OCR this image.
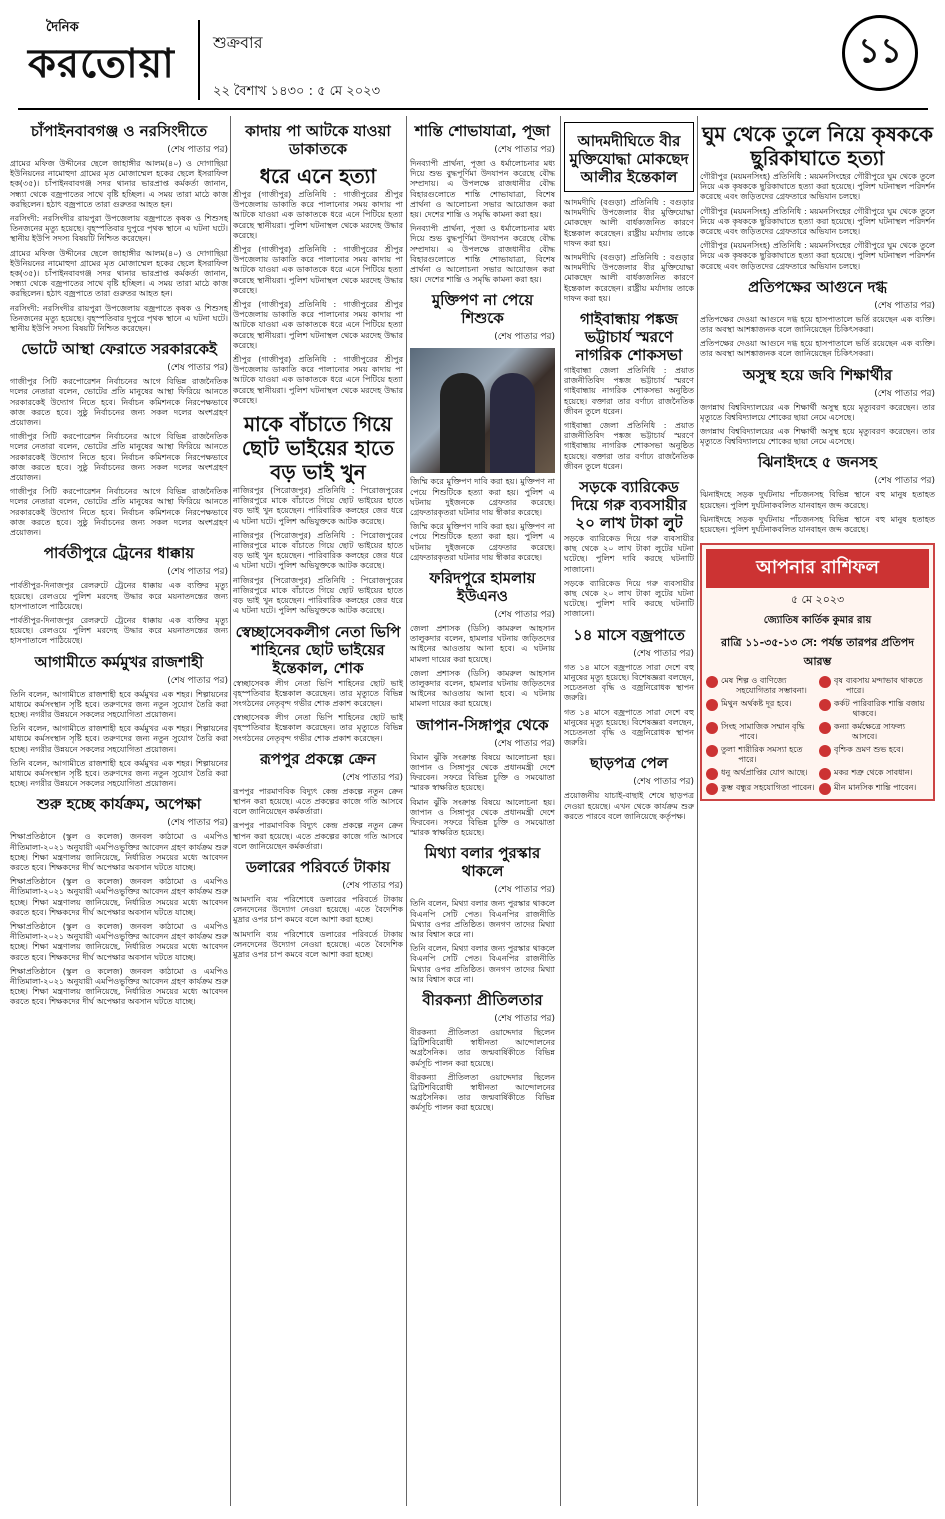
দৈনিক
করতোয়া শুক্রবার
২২ বৈশাখ ১৪৩০ : ৫ মে ২০২৩
১১
চাঁপাইনবাবগঞ্জ ও নরসিংদীতে
(শেষ পাতার পর)

গ্রামের মফিজ উদ্দীনের ছেলে জাহাঙ্গীর আলম(৪০) ও দোগাছিয়া ইউনিয়নের নামোহুদা গ্রামের মৃত মোজাম্মেল হকের ছেলে ইসরাফিল হক(৩৫)। চাঁপাইনবাবগঞ্জ সদর থানার ভারপ্রাপ্ত কর্মকর্তা জানান, সন্ধ্যা থেকে বজ্রপাতের সাথে বৃষ্টি হচ্ছিল। এ সময় তারা মাঠে কাজ করছিলেন। হঠাৎ বজ্রপাতে তারা গুরুতর আহত হন।

নরসিংদী: নরসিংদীর রায়পুরা উপজেলায় বজ্রপাতে কৃষক ও শিশুসহ তিনজনের মৃত্যু হয়েছে। বৃহস্পতিবার দুপুরে পৃথক স্থানে এ ঘটনা ঘটে। স্থানীয় ইউপি সদস্য বিষয়টি নিশ্চিত করেছেন।

গ্রামের মফিজ উদ্দীনের ছেলে জাহাঙ্গীর আলম(৪০) ও দোগাছিয়া ইউনিয়নের নামোহুদা গ্রামের মৃত মোজাম্মেল হকের ছেলে ইসরাফিল হক(৩৫)। চাঁপাইনবাবগঞ্জ সদর থানার ভারপ্রাপ্ত কর্মকর্তা জানান, সন্ধ্যা থেকে বজ্রপাতের সাথে বৃষ্টি হচ্ছিল। এ সময় তারা মাঠে কাজ করছিলেন। হঠাৎ বজ্রপাতে তারা গুরুতর আহত হন।

নরসিংদী: নরসিংদীর রায়পুরা উপজেলায় বজ্রপাতে কৃষক ও শিশুসহ তিনজনের মৃত্যু হয়েছে। বৃহস্পতিবার দুপুরে পৃথক স্থানে এ ঘটনা ঘটে। স্থানীয় ইউপি সদস্য বিষয়টি নিশ্চিত করেছেন।

ভোটে আস্থা ফেরাতে সরকারকেই
(শেষ পাতার পর)

গাজীপুর সিটি করপোরেশন নির্বাচনের আগে বিভিন্ন রাজনৈতিক দলের নেতারা বলেন, ভোটের প্রতি মানুষের আস্থা ফিরিয়ে আনতে সরকারকেই উদ্যোগ নিতে হবে। নির্বাচন কমিশনকে নিরপেক্ষভাবে কাজ করতে হবে। সুষ্ঠু নির্বাচনের জন্য সকল দলের অংশগ্রহণ প্রয়োজন।

গাজীপুর সিটি করপোরেশন নির্বাচনের আগে বিভিন্ন রাজনৈতিক দলের নেতারা বলেন, ভোটের প্রতি মানুষের আস্থা ফিরিয়ে আনতে সরকারকেই উদ্যোগ নিতে হবে। নির্বাচন কমিশনকে নিরপেক্ষভাবে কাজ করতে হবে। সুষ্ঠু নির্বাচনের জন্য সকল দলের অংশগ্রহণ প্রয়োজন।

গাজীপুর সিটি করপোরেশন নির্বাচনের আগে বিভিন্ন রাজনৈতিক দলের নেতারা বলেন, ভোটের প্রতি মানুষের আস্থা ফিরিয়ে আনতে সরকারকেই উদ্যোগ নিতে হবে। নির্বাচন কমিশনকে নিরপেক্ষভাবে কাজ করতে হবে। সুষ্ঠু নির্বাচনের জন্য সকল দলের অংশগ্রহণ প্রয়োজন।

পার্বতীপুরে ট্রেনের ধাক্কায়
(শেষ পাতার পর)

পার্বতীপুর-দিনাজপুর রেলরুটে ট্রেনের ধাক্কায় এক ব্যক্তির মৃত্যু হয়েছে। রেলওয়ে পুলিশ মরদেহ উদ্ধার করে ময়নাতদন্তের জন্য হাসপাতালে পাঠিয়েছে।

পার্বতীপুর-দিনাজপুর রেলরুটে ট্রেনের ধাক্কায় এক ব্যক্তির মৃত্যু হয়েছে। রেলওয়ে পুলিশ মরদেহ উদ্ধার করে ময়নাতদন্তের জন্য হাসপাতালে পাঠিয়েছে।

আগামীতে কর্মমুখর রাজশাহী
(শেষ পাতার পর)

তিনি বলেন, আগামীতে রাজশাহী হবে কর্মমুখর এক শহর। শিল্পায়নের মাধ্যমে কর্মসংস্থান সৃষ্টি হবে। তরুণদের জন্য নতুন সুযোগ তৈরি করা হচ্ছে। নগরীর উন্নয়নে সকলের সহযোগিতা প্রয়োজন।

তিনি বলেন, আগামীতে রাজশাহী হবে কর্মমুখর এক শহর। শিল্পায়নের মাধ্যমে কর্মসংস্থান সৃষ্টি হবে। তরুণদের জন্য নতুন সুযোগ তৈরি করা হচ্ছে। নগরীর উন্নয়নে সকলের সহযোগিতা প্রয়োজন।

তিনি বলেন, আগামীতে রাজশাহী হবে কর্মমুখর এক শহর। শিল্পায়নের মাধ্যমে কর্মসংস্থান সৃষ্টি হবে। তরুণদের জন্য নতুন সুযোগ তৈরি করা হচ্ছে। নগরীর উন্নয়নে সকলের সহযোগিতা প্রয়োজন।

শুরু হচ্ছে কার্যক্রম, অপেক্ষা
(শেষ পাতার পর)

শিক্ষাপ্রতিষ্ঠানে (স্কুল ও কলেজ) জনবল কাঠামো ও এমপিও নীতিমালা-২০২১ অনুযায়ী এমপিওভুক্তির আবেদন গ্রহণ কার্যক্রম শুরু হচ্ছে। শিক্ষা মন্ত্রণালয় জানিয়েছে, নির্ধারিত সময়ের মধ্যে আবেদন করতে হবে। শিক্ষকদের দীর্ঘ অপেক্ষার অবসান ঘটতে যাচ্ছে।

শিক্ষাপ্রতিষ্ঠানে (স্কুল ও কলেজ) জনবল কাঠামো ও এমপিও নীতিমালা-২০২১ অনুযায়ী এমপিওভুক্তির আবেদন গ্রহণ কার্যক্রম শুরু হচ্ছে। শিক্ষা মন্ত্রণালয় জানিয়েছে, নির্ধারিত সময়ের মধ্যে আবেদন করতে হবে। শিক্ষকদের দীর্ঘ অপেক্ষার অবসান ঘটতে যাচ্ছে।

শিক্ষাপ্রতিষ্ঠানে (স্কুল ও কলেজ) জনবল কাঠামো ও এমপিও নীতিমালা-২০২১ অনুযায়ী এমপিওভুক্তির আবেদন গ্রহণ কার্যক্রম শুরু হচ্ছে। শিক্ষা মন্ত্রণালয় জানিয়েছে, নির্ধারিত সময়ের মধ্যে আবেদন করতে হবে। শিক্ষকদের দীর্ঘ অপেক্ষার অবসান ঘটতে যাচ্ছে।

শিক্ষাপ্রতিষ্ঠানে (স্কুল ও কলেজ) জনবল কাঠামো ও এমপিও নীতিমালা-২০২১ অনুযায়ী এমপিওভুক্তির আবেদন গ্রহণ কার্যক্রম শুরু হচ্ছে। শিক্ষা মন্ত্রণালয় জানিয়েছে, নির্ধারিত সময়ের মধ্যে আবেদন করতে হবে। শিক্ষকদের দীর্ঘ অপেক্ষার অবসান ঘটতে যাচ্ছে।

কাদায় পা আটকে যাওয়া ডাকাতকে
ধরে এনে হত্যা

শ্রীপুর (গাজীপুর) প্রতিনিধি : গাজীপুরের শ্রীপুর উপজেলায় ডাকাতি করে পালানোর সময় কাদায় পা আটকে যাওয়া এক ডাকাতকে ধরে এনে পিটিয়ে হত্যা করেছে স্থানীয়রা। পুলিশ ঘটনাস্থল থেকে মরদেহ উদ্ধার করেছে।

শ্রীপুর (গাজীপুর) প্রতিনিধি : গাজীপুরের শ্রীপুর উপজেলায় ডাকাতি করে পালানোর সময় কাদায় পা আটকে যাওয়া এক ডাকাতকে ধরে এনে পিটিয়ে হত্যা করেছে স্থানীয়রা। পুলিশ ঘটনাস্থল থেকে মরদেহ উদ্ধার করেছে।

শ্রীপুর (গাজীপুর) প্রতিনিধি : গাজীপুরের শ্রীপুর উপজেলায় ডাকাতি করে পালানোর সময় কাদায় পা আটকে যাওয়া এক ডাকাতকে ধরে এনে পিটিয়ে হত্যা করেছে স্থানীয়রা। পুলিশ ঘটনাস্থল থেকে মরদেহ উদ্ধার করেছে।

শ্রীপুর (গাজীপুর) প্রতিনিধি : গাজীপুরের শ্রীপুর উপজেলায় ডাকাতি করে পালানোর সময় কাদায় পা আটকে যাওয়া এক ডাকাতকে ধরে এনে পিটিয়ে হত্যা করেছে স্থানীয়রা। পুলিশ ঘটনাস্থল থেকে মরদেহ উদ্ধার করেছে।

মাকে বাঁচাতে গিয়ে ছোট ভাইয়ের হাতে বড় ভাই খুন

নাজিরপুর (পিরোজপুর) প্রতিনিধি : পিরোজপুরের নাজিরপুরে মাকে বাঁচাতে গিয়ে ছোট ভাইয়ের হাতে বড় ভাই খুন হয়েছেন। পারিবারিক কলহের জের ধরে এ ঘটনা ঘটে। পুলিশ অভিযুক্তকে আটক করেছে।

নাজিরপুর (পিরোজপুর) প্রতিনিধি : পিরোজপুরের নাজিরপুরে মাকে বাঁচাতে গিয়ে ছোট ভাইয়ের হাতে বড় ভাই খুন হয়েছেন। পারিবারিক কলহের জের ধরে এ ঘটনা ঘটে। পুলিশ অভিযুক্তকে আটক করেছে।

নাজিরপুর (পিরোজপুর) প্রতিনিধি : পিরোজপুরের নাজিরপুরে মাকে বাঁচাতে গিয়ে ছোট ভাইয়ের হাতে বড় ভাই খুন হয়েছেন। পারিবারিক কলহের জের ধরে এ ঘটনা ঘটে। পুলিশ অভিযুক্তকে আটক করেছে।

স্বেচ্ছাসেবকলীগ নেতা ভিপি শাহিনের ছোট ভাইয়ের ইন্তেকাল, শোক

স্বেচ্ছাসেবক লীগ নেতা ভিপি শাহিনের ছোট ভাই বৃহস্পতিবার ইন্তেকাল করেছেন। তার মৃত্যুতে বিভিন্ন সংগঠনের নেতৃবৃন্দ গভীর শোক প্রকাশ করেছেন।

স্বেচ্ছাসেবক লীগ নেতা ভিপি শাহিনের ছোট ভাই বৃহস্পতিবার ইন্তেকাল করেছেন। তার মৃত্যুতে বিভিন্ন সংগঠনের নেতৃবৃন্দ গভীর শোক প্রকাশ করেছেন।

রূপপুর প্রকল্পে ক্রেন
(শেষ পাতার পর)

রূপপুর পারমাণবিক বিদ্যুৎ কেন্দ্র প্রকল্পে নতুন ক্রেন স্থাপন করা হয়েছে। এতে প্রকল্পের কাজে গতি আসবে বলে জানিয়েছেন কর্মকর্তারা।

রূপপুর পারমাণবিক বিদ্যুৎ কেন্দ্র প্রকল্পে নতুন ক্রেন স্থাপন করা হয়েছে। এতে প্রকল্পের কাজে গতি আসবে বলে জানিয়েছেন কর্মকর্তারা।

ডলারের পরিবর্তে টাকায়
(শেষ পাতার পর)

আমদানি ব্যয় পরিশোধে ডলারের পরিবর্তে টাকায় লেনদেনের উদ্যোগ নেওয়া হয়েছে। এতে বৈদেশিক মুদ্রার ওপর চাপ কমবে বলে আশা করা হচ্ছে।

আমদানি ব্যয় পরিশোধে ডলারের পরিবর্তে টাকায় লেনদেনের উদ্যোগ নেওয়া হয়েছে। এতে বৈদেশিক মুদ্রার ওপর চাপ কমবে বলে আশা করা হচ্ছে।

শান্তি শোভাযাত্রা, পূজা
(শেষ পাতার পর)

দিনব্যাপী প্রার্থনা, পূজা ও ধর্মালোচনার মধ্য দিয়ে শুভ বুদ্ধপূর্ণিমা উদযাপন করেছে বৌদ্ধ সম্প্রদায়। এ উপলক্ষে রাজধানীর বৌদ্ধ বিহারগুলোতে শান্তি শোভাযাত্রা, বিশেষ প্রার্থনা ও আলোচনা সভার আয়োজন করা হয়। দেশের শান্তি ও সমৃদ্ধি কামনা করা হয়।

দিনব্যাপী প্রার্থনা, পূজা ও ধর্মালোচনার মধ্য দিয়ে শুভ বুদ্ধপূর্ণিমা উদযাপন করেছে বৌদ্ধ সম্প্রদায়। এ উপলক্ষে রাজধানীর বৌদ্ধ বিহারগুলোতে শান্তি শোভাযাত্রা, বিশেষ প্রার্থনা ও আলোচনা সভার আয়োজন করা হয়। দেশের শান্তি ও সমৃদ্ধি কামনা করা হয়।

মুক্তিপণ না পেয়ে শিশুকে
(শেষ পাতার পর)

জিম্মি করে মুক্তিপণ দাবি করা হয়। মুক্তিপণ না পেয়ে শিশুটিকে হত্যা করা হয়। পুলিশ এ ঘটনায় দুইজনকে গ্রেফতার করেছে। গ্রেফতারকৃতরা ঘটনার দায় স্বীকার করেছে।

জিম্মি করে মুক্তিপণ দাবি করা হয়। মুক্তিপণ না পেয়ে শিশুটিকে হত্যা করা হয়। পুলিশ এ ঘটনায় দুইজনকে গ্রেফতার করেছে। গ্রেফতারকৃতরা ঘটনার দায় স্বীকার করেছে।

ফরিদপুরে হামলায় ইউএনও
(শেষ পাতার পর)

জেলা প্রশাসক (ডিসি) কামরুল আহসান তালুকদার বলেন, হামলার ঘটনায় জড়িতদের আইনের আওতায় আনা হবে। এ ঘটনায় মামলা দায়ের করা হয়েছে।

জেলা প্রশাসক (ডিসি) কামরুল আহসান তালুকদার বলেন, হামলার ঘটনায় জড়িতদের আইনের আওতায় আনা হবে। এ ঘটনায় মামলা দায়ের করা হয়েছে।

জাপান-সিঙ্গাপুর থেকে
(শেষ পাতার পর)

বিমান ঝুঁকি সংক্রান্ত বিষয়ে আলোচনা হয়। জাপান ও সিঙ্গাপুর থেকে প্রধানমন্ত্রী দেশে ফিরবেন। সফরে বিভিন্ন চুক্তি ও সমঝোতা স্মারক স্বাক্ষরিত হয়েছে।

বিমান ঝুঁকি সংক্রান্ত বিষয়ে আলোচনা হয়। জাপান ও সিঙ্গাপুর থেকে প্রধানমন্ত্রী দেশে ফিরবেন। সফরে বিভিন্ন চুক্তি ও সমঝোতা স্মারক স্বাক্ষরিত হয়েছে।

মিথ্যা বলার পুরস্কার থাকলে
(শেষ পাতার পর)

তিনি বলেন, মিথ্যা বলার জন্য পুরস্কার থাকলে বিএনপি সেটি পেত। বিএনপির রাজনীতি মিথ্যার ওপর প্রতিষ্ঠিত। জনগণ তাদের মিথ্যা আর বিশ্বাস করে না।

তিনি বলেন, মিথ্যা বলার জন্য পুরস্কার থাকলে বিএনপি সেটি পেত। বিএনপির রাজনীতি মিথ্যার ওপর প্রতিষ্ঠিত। জনগণ তাদের মিথ্যা আর বিশ্বাস করে না।

বীরকন্যা প্রীতিলতার
(শেষ পাতার পর)

বীরকন্যা প্রীতিলতা ওয়াদ্দেদার ছিলেন ব্রিটিশবিরোধী স্বাধীনতা আন্দোলনের অগ্রসৈনিক। তার জন্মবার্ষিকীতে বিভিন্ন কর্মসূচি পালন করা হয়েছে।

বীরকন্যা প্রীতিলতা ওয়াদ্দেদার ছিলেন ব্রিটিশবিরোধী স্বাধীনতা আন্দোলনের অগ্রসৈনিক। তার জন্মবার্ষিকীতে বিভিন্ন কর্মসূচি পালন করা হয়েছে।

আদমদীঘিতে বীর মুক্তিযোদ্ধা মোকছেদ আলীর ইন্তেকাল

আদমদীঘি (বগুড়া) প্রতিনিধি : বগুড়ার আদমদীঘি উপজেলার বীর মুক্তিযোদ্ধা মোকছেদ আলী বার্ধক্যজনিত কারণে ইন্তেকাল করেছেন। রাষ্ট্রীয় মর্যাদায় তাকে দাফন করা হয়।

আদমদীঘি (বগুড়া) প্রতিনিধি : বগুড়ার আদমদীঘি উপজেলার বীর মুক্তিযোদ্ধা মোকছেদ আলী বার্ধক্যজনিত কারণে ইন্তেকাল করেছেন। রাষ্ট্রীয় মর্যাদায় তাকে দাফন করা হয়।

গাইবান্ধায় পঙ্কজ ভট্টাচার্য স্মরণে নাগরিক শোকসভা

গাইবান্ধা জেলা প্রতিনিধি : প্রয়াত রাজনীতিবিদ পঙ্কজ ভট্টাচার্য স্মরণে গাইবান্ধায় নাগরিক শোকসভা অনুষ্ঠিত হয়েছে। বক্তারা তার বর্ণাঢ্য রাজনৈতিক জীবন তুলে ধরেন।

গাইবান্ধা জেলা প্রতিনিধি : প্রয়াত রাজনীতিবিদ পঙ্কজ ভট্টাচার্য স্মরণে গাইবান্ধায় নাগরিক শোকসভা অনুষ্ঠিত হয়েছে। বক্তারা তার বর্ণাঢ্য রাজনৈতিক জীবন তুলে ধরেন।

সড়কে ব্যারিকেড দিয়ে গরু ব্যবসায়ীর ২০ লাখ টাকা লুট

সড়কে ব্যারিকেড দিয়ে গরু ব্যবসায়ীর কাছ থেকে ২০ লাখ টাকা লুটের ঘটনা ঘটেছে। পুলিশ দাবি করছে ঘটনাটি সাজানো।

সড়কে ব্যারিকেড দিয়ে গরু ব্যবসায়ীর কাছ থেকে ২০ লাখ টাকা লুটের ঘটনা ঘটেছে। পুলিশ দাবি করছে ঘটনাটি সাজানো।

১৪ মাসে বজ্রপাতে
(শেষ পাতার পর)

গত ১৪ মাসে বজ্রপাতে সারা দেশে বহু মানুষের মৃত্যু হয়েছে। বিশেষজ্ঞরা বলছেন, সচেতনতা বৃদ্ধি ও বজ্রনিরোধক স্থাপন জরুরি।

গত ১৪ মাসে বজ্রপাতে সারা দেশে বহু মানুষের মৃত্যু হয়েছে। বিশেষজ্ঞরা বলছেন, সচেতনতা বৃদ্ধি ও বজ্রনিরোধক স্থাপন জরুরি।

ছাড়পত্র পেল
(শেষ পাতার পর)

প্রয়োজনীয় যাচাই-বাছাই শেষে ছাড়পত্র দেওয়া হয়েছে। এখন থেকে কার্যক্রম শুরু করতে পারবে বলে জানিয়েছে কর্তৃপক্ষ।

ঘুম থেকে তুলে নিয়ে কৃষককে ছুরিকাঘাতে হত্যা

গৌরীপুর (ময়মনসিংহ) প্রতিনিধি : ময়মনসিংহের গৌরীপুরে ঘুম থেকে তুলে নিয়ে এক কৃষককে ছুরিকাঘাতে হত্যা করা হয়েছে। পুলিশ ঘটনাস্থল পরিদর্শন করেছে এবং জড়িতদের গ্রেফতারে অভিযান চলছে।

গৌরীপুর (ময়মনসিংহ) প্রতিনিধি : ময়মনসিংহের গৌরীপুরে ঘুম থেকে তুলে নিয়ে এক কৃষককে ছুরিকাঘাতে হত্যা করা হয়েছে। পুলিশ ঘটনাস্থল পরিদর্শন করেছে এবং জড়িতদের গ্রেফতারে অভিযান চলছে।

গৌরীপুর (ময়মনসিংহ) প্রতিনিধি : ময়মনসিংহের গৌরীপুরে ঘুম থেকে তুলে নিয়ে এক কৃষককে ছুরিকাঘাতে হত্যা করা হয়েছে। পুলিশ ঘটনাস্থল পরিদর্শন করেছে এবং জড়িতদের গ্রেফতারে অভিযান চলছে।

প্রতিপক্ষের আগুনে দগ্ধ
(শেষ পাতার পর)

প্রতিপক্ষের দেওয়া আগুনে দগ্ধ হয়ে হাসপাতালে ভর্তি রয়েছেন এক ব্যক্তি। তার অবস্থা আশঙ্কাজনক বলে জানিয়েছেন চিকিৎসকরা।

প্রতিপক্ষের দেওয়া আগুনে দগ্ধ হয়ে হাসপাতালে ভর্তি রয়েছেন এক ব্যক্তি। তার অবস্থা আশঙ্কাজনক বলে জানিয়েছেন চিকিৎসকরা।

অসুস্থ হয়ে জবি শিক্ষার্থীর
(শেষ পাতার পর)

জগন্নাথ বিশ্ববিদ্যালয়ের এক শিক্ষার্থী অসুস্থ হয়ে মৃত্যুবরণ করেছেন। তার মৃত্যুতে বিশ্ববিদ্যালয়ে শোকের ছায়া নেমে এসেছে।

জগন্নাথ বিশ্ববিদ্যালয়ের এক শিক্ষার্থী অসুস্থ হয়ে মৃত্যুবরণ করেছেন। তার মৃত্যুতে বিশ্ববিদ্যালয়ে শোকের ছায়া নেমে এসেছে।

ঝিনাইদহে ৫ জনসহ
(শেষ পাতার পর)

ঝিনাইদহে সড়ক দুর্ঘটনায় পাঁচজনসহ বিভিন্ন স্থানে বহু মানুষ হতাহত হয়েছেন। পুলিশ দুর্ঘটনাকবলিত যানবাহন জব্দ করেছে।

ঝিনাইদহে সড়ক দুর্ঘটনায় পাঁচজনসহ বিভিন্ন স্থানে বহু মানুষ হতাহত হয়েছেন। পুলিশ দুর্ঘটনাকবলিত যানবাহন জব্দ করেছে।

আপনার রাশিফল
৫ মে ২০২৩
জ্যোতিষ কার্তিক কুমার রায়
রাত্রি ১১-৩৫-১৩ সে: পর্যন্ত তারপর প্রতিপদ আরম্ভ
মেষ শিল্প ও বাণিজ্যে সহযোগিতার সম্ভাবনা।
বৃষ ব্যবসায় মন্দাভাব থাকতে পারে।
মিথুন অর্থকষ্ট দূর হবে।	কর্কট পারিবারিক শান্তি বজায় থাকবে।
সিংহ সামাজিক সম্মান বৃদ্ধি পাবে।
কন্যা কর্মক্ষেত্রে সাফল্য আসবে।
তুলা শারীরিক সমস্যা হতে পারে।
বৃশ্চিক ভ্রমণ শুভ হবে।
ধনু অর্থপ্রাপ্তির যোগ আছে।	মকর শত্রু থেকে সাবধান।
কুম্ভ বন্ধুর সহযোগিতা পাবেন। মীন মানসিক শান্তি পাবেন।
